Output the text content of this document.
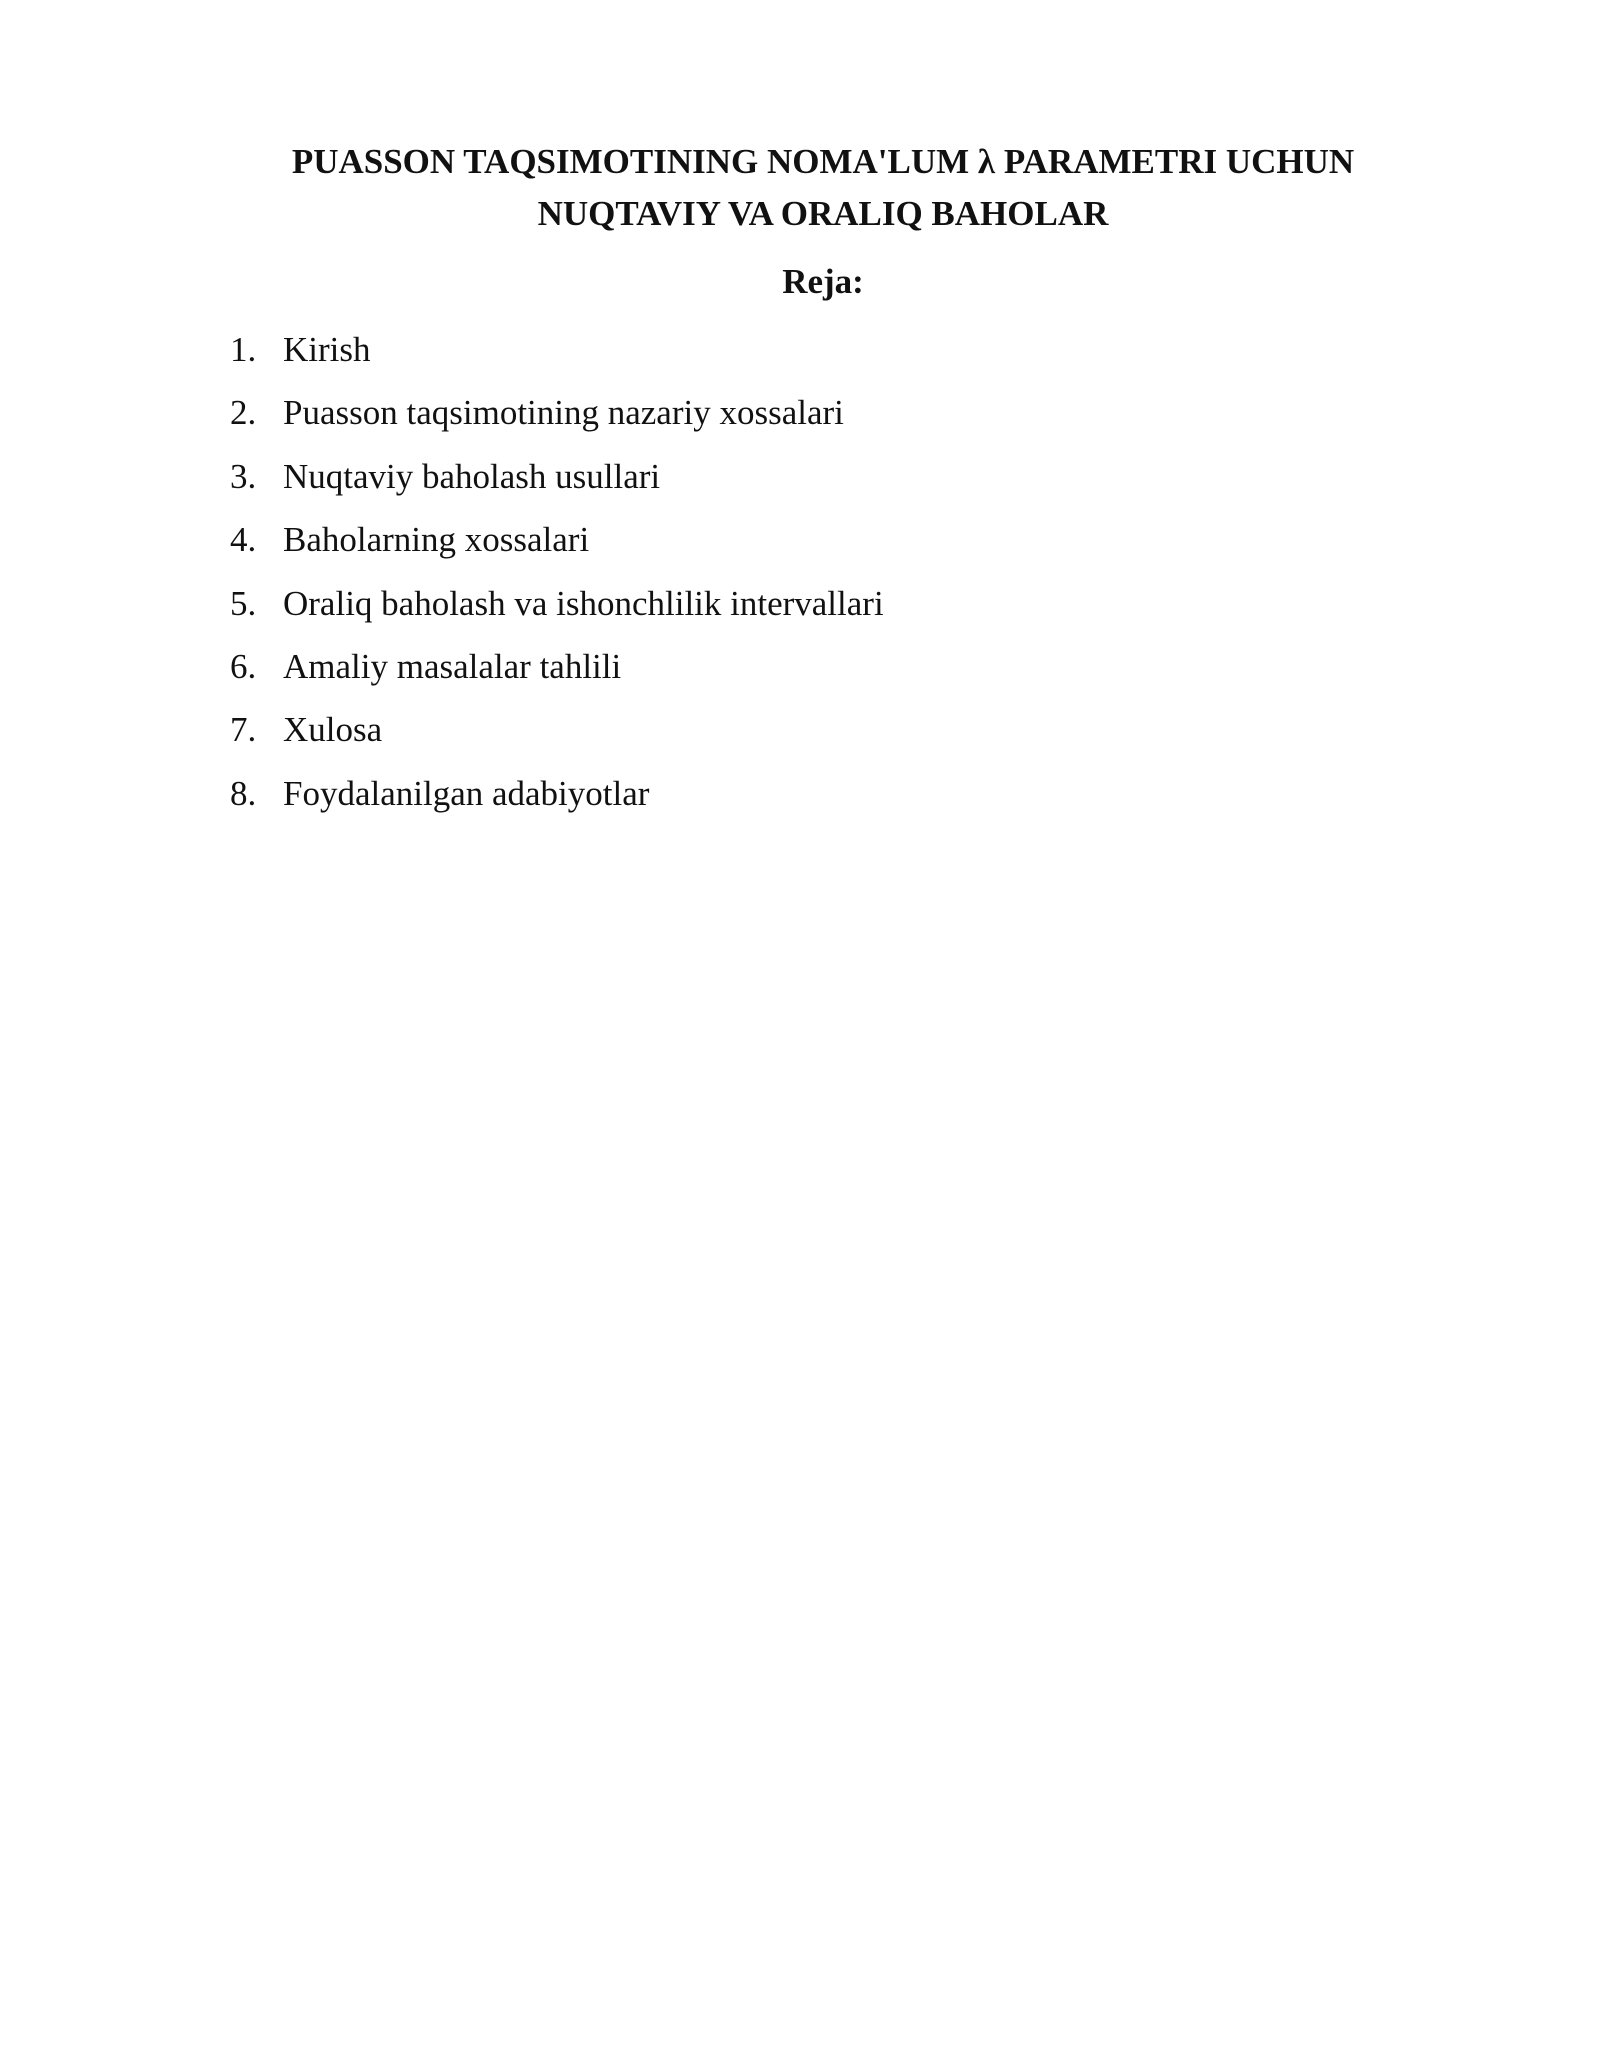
PUASSON TAQSIMOTINING NOMA'LUM λ PARAMETRI UCHUN
NUQTAVIY VA ORALIQ BAHOLAR
Reja:
1. Kirish
2. Puasson taqsimotining nazariy xossalari
3. Nuqtaviy baholash usullari
4. Baholarning xossalari
5. Oraliq baholash va ishonchlilik intervallari
6. Amaliy masalalar tahlili
7. Xulosa
8. Foydalanilgan adabiyotlar
